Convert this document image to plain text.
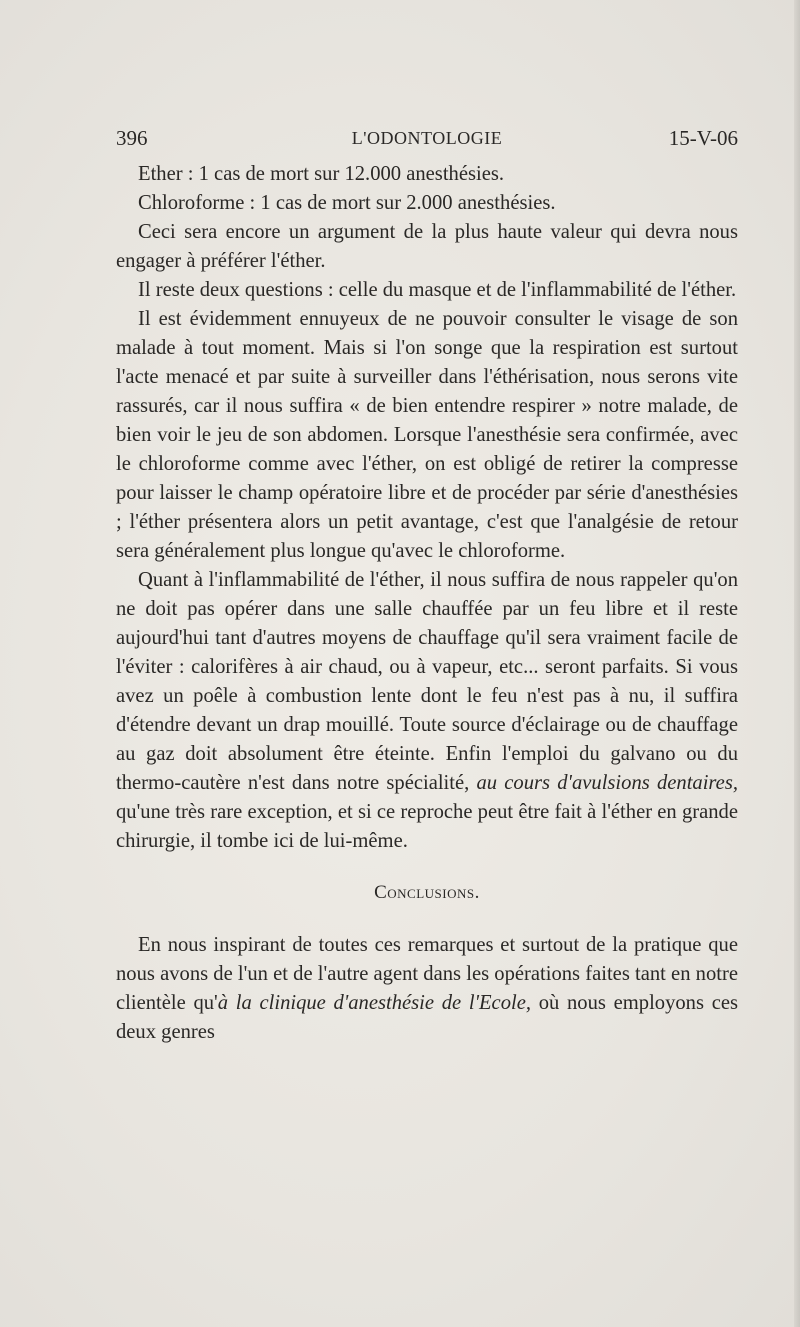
396	L'ODONTOLOGIE	15-V-06

Ether : 1 cas de mort sur 12.000 anesthésies.

Chloroforme : 1 cas de mort sur 2.000 anesthésies.

Ceci sera encore un argument de la plus haute valeur qui devra nous engager à préférer l'éther.

Il reste deux questions : celle du masque et de l'inflammabilité de l'éther.

Il est évidemment ennuyeux de ne pouvoir consulter le visage de son malade à tout moment. Mais si l'on songe que la respiration est surtout l'acte menacé et par suite à surveiller dans l'éthérisation, nous serons vite rassurés, car il nous suffira « de bien entendre respirer » notre malade, de bien voir le jeu de son abdomen. Lorsque l'anesthésie sera confirmée, avec le chloroforme comme avec l'éther, on est obligé de retirer la compresse pour laisser le champ opératoire libre et de procéder par série d'anesthésies ; l'éther présentera alors un petit avantage, c'est que l'analgésie de retour sera généralement plus longue qu'avec le chloroforme.

Quant à l'inflammabilité de l'éther, il nous suffira de nous rappeler qu'on ne doit pas opérer dans une salle chauffée par un feu libre et il reste aujourd'hui tant d'autres moyens de chauffage qu'il sera vraiment facile de l'éviter : calorifères à air chaud, ou à vapeur, etc... seront parfaits. Si vous avez un poêle à combustion lente dont le feu n'est pas à nu, il suffira d'étendre devant un drap mouillé. Toute source d'éclairage ou de chauffage au gaz doit absolument être éteinte. Enfin l'emploi du galvano ou du thermo-cautère n'est dans notre spécialité, au cours d'avulsions dentaires, qu'une très rare exception, et si ce reproche peut être fait à l'éther en grande chirurgie, il tombe ici de lui-même.

Conclusions.

En nous inspirant de toutes ces remarques et surtout de la pratique que nous avons de l'un et de l'autre agent dans les opérations faites tant en notre clientèle qu'à la clinique d'anesthésie de l'Ecole, où nous employons ces deux genres
